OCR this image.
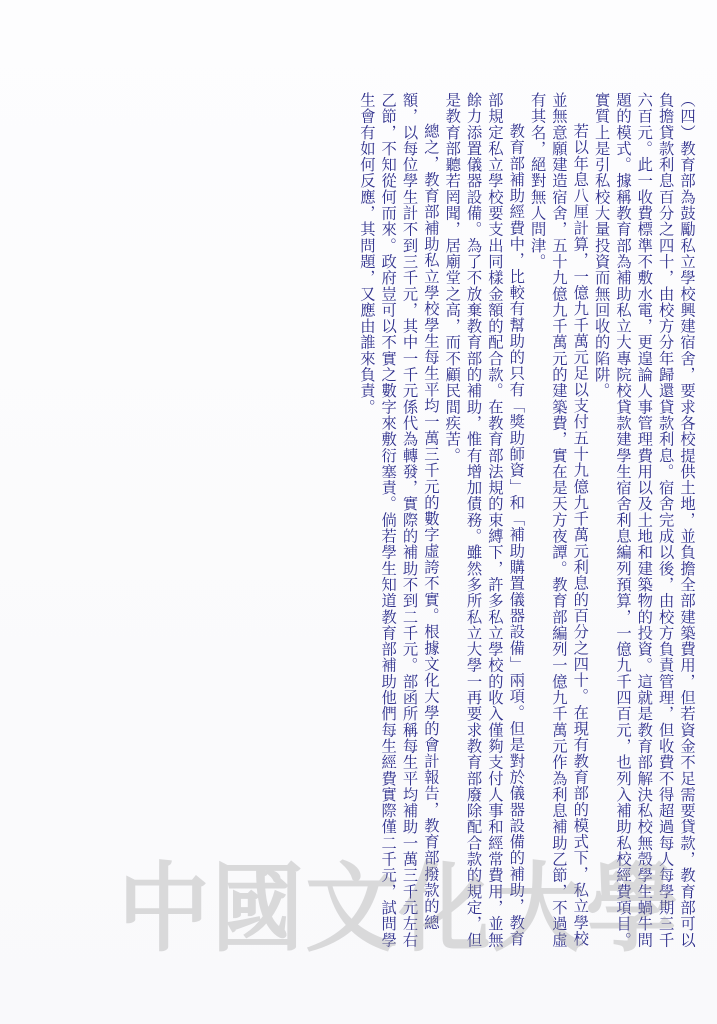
（四）教育部為鼓勵私立學校興建宿舍，要求各校提供土地，並負擔全部建築費用，但若資金不足需要貸款，教育部可以負擔貸款利息百分之四十，由校方分年歸還貸款利息。宿舍完成以後，由校方負責管理，但收費不得超過每人每學期三千六百元。此一收費標準不敷水電，更遑論人事管理費用以及土地和建築物的投資。這就是教育部解決私校無殼學生蝸牛問題的模式。據稱教育部為補助私立大專院校貸款建學生宿舍利息編列預算，一億九千四百元，也列入補助私校經費項目。實質上是引私校大量投資而無回收的陷阱。

若以年息八厘計算，一億九千萬元足以支付五十九億九千萬元利息的百分之四十。在現有教育部的模式下，私立學校並無意願建造宿舍，五十九億九千萬元的建築費，實在是天方夜譚。教育部編列一億九千萬元作為利息補助乙節，不過虛有其名，絕對無人問津。

教育部補助經費中，比較有幫助的只有「獎助師資」和「補助購置儀器設備」兩項。但是對於儀器設備的補助，教育部規定私立學校要支出同樣金額的配合款。在教育部法規的束縛下，許多私立學校的收入僅夠支付人事和經常費用，並無餘力添置儀器設備。為了不放棄教育部的補助，惟有增加債務。雖然多所私立大學一再要求教育部廢除配合款的規定，但是教育部聽若罔聞，居廟堂之高，而不顧民間疾苦。

總之，教育部補助私立學校學生每生平均一萬三千元的數字虛誇不實。根據文化大學的會計報告，教育部撥款的總額，以每位學生計不到三千元，其中一千元係代為轉發，實際的補助不到二千元。部函所稱每生平均補助一萬三千元左右乙節，不知從何而來。政府豈可以不實之數字來敷衍塞責。倘若學生知道教育部補助他們每生經費實際僅二千元，試問學生會有如何反應，其問題，又應由誰來負責。

中 國 文 化 大 學
